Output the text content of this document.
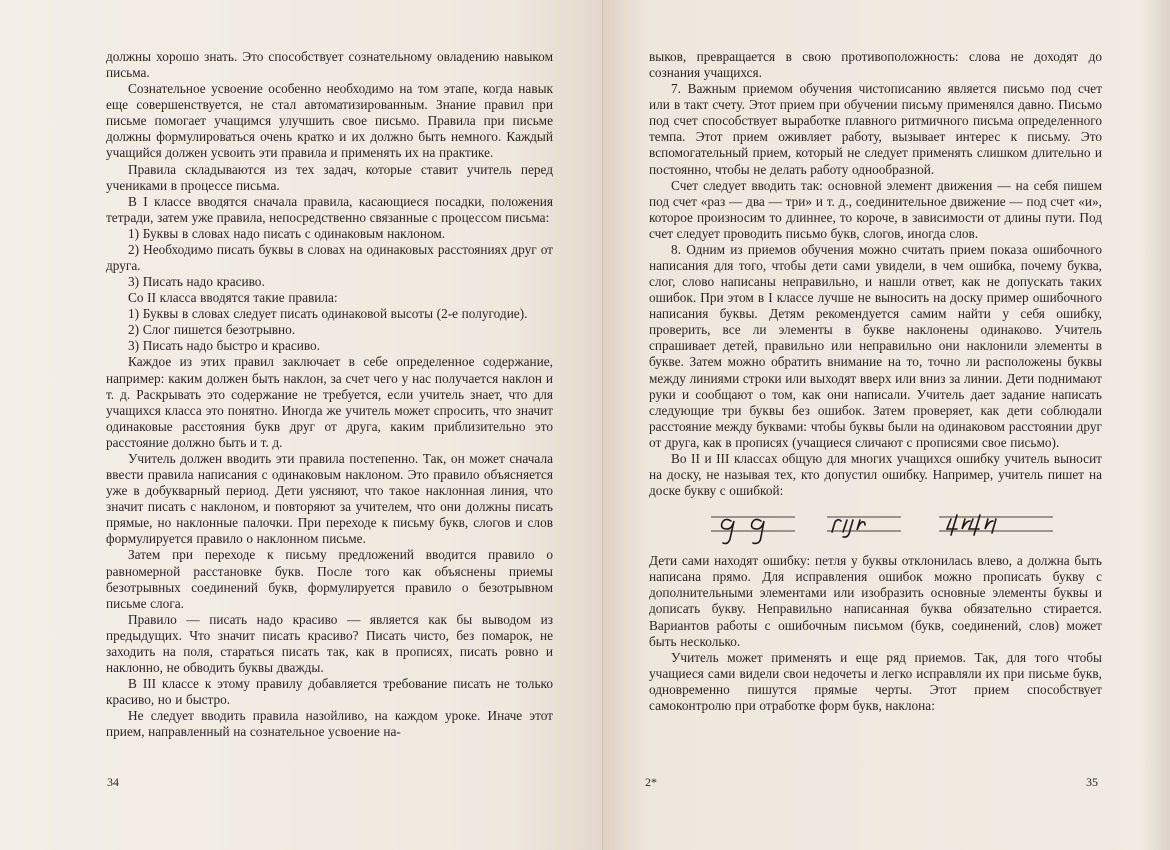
должны хорошо знать. Это способствует сознательному овладению навыком письма.

Сознательное усвоение особенно необходимо на том этапе, когда навык еще совершенствуется, не стал автоматизированным. Знание правил при письме помогает учащимся улучшить свое письмо. Правила при письме должны формулироваться очень кратко и их должно быть немного. Каждый учащийся должен усвоить эти правила и применять их на практике.

Правила складываются из тех задач, которые ставит учитель перед учениками в процессе письма.

В I классе вводятся сначала правила, касающиеся посадки, положения тетради, затем уже правила, непосредственно связанные с процессом письма:

1) Буквы в словах надо писать с одинаковым наклоном.

2) Необходимо писать буквы в словах на одинаковых расстояниях друг от друга.

3) Писать надо красиво.

Со II класса вводятся такие правила:

1) Буквы в словах следует писать одинаковой высоты (2-е полугодие).

2) Слог пишется безотрывно.

3) Писать надо быстро и красиво.

Каждое из этих правил заключает в себе определенное содержание, например: каким должен быть наклон, за счет чего у нас получается наклон и т. д. Раскрывать это содержание не требуется, если учитель знает, что для учащихся класса это понятно. Иногда же учитель может спросить, что значит одинаковые расстояния букв друг от друга, каким приблизительно это расстояние должно быть и т. д.

Учитель должен вводить эти правила постепенно. Так, он может сначала ввести правила написания с одинаковым наклоном. Это правило объясняется уже в добукварный период. Дети уясняют, что такое наклонная линия, что значит писать с наклоном, и повторяют за учителем, что они должны писать прямые, но наклонные палочки. При переходе к письму букв, слогов и слов формулируется правило о наклонном письме.

Затем при переходе к письму предложений вводится правило о равномерной расстановке букв. После того как объяснены приемы безотрывных соединений букв, формулируется правило о безотрывном письме слога.

Правило — писать надо красиво — является как бы выводом из предыдущих. Что значит писать красиво? Писать чисто, без помарок, не заходить на поля, стараться писать так, как в прописях, писать ровно и наклонно, не обводить буквы дважды.

В III классе к этому правилу добавляется требование писать не только красиво, но и быстро.

Не следует вводить правила назойливо, на каждом уроке. Иначе этот прием, направленный на сознательное усвоение на-

34

выков, превращается в свою противоположность: слова не доходят до сознания учащихся.

7. Важным приемом обучения чистописанию является письмо под счет или в такт счету. Этот прием при обучении письму применялся давно. Письмо под счет способствует выработке плавного ритмичного письма определенного темпа. Этот прием оживляет работу, вызывает интерес к письму. Это вспомогательный прием, который не следует применять слишком длительно и постоянно, чтобы не делать работу однообразной.

Счет следует вводить так: основной элемент движения — на себя пишем под счет «раз — два — три» и т. д., соединительное движение — под счет «и», которое произносим то длиннее, то короче, в зависимости от длины пути. Под счет следует проводить письмо букв, слогов, иногда слов.

8. Одним из приемов обучения можно считать прием показа ошибочного написания для того, чтобы дети сами увидели, в чем ошибка, почему буква, слог, слово написаны неправильно, и нашли ответ, как не допускать таких ошибок. При этом в I классе лучше не выносить на доску пример ошибочного написания буквы. Детям рекомендуется самим найти у себя ошибку, проверить, все ли элементы в букве наклонены одинаково. Учитель спрашивает детей, правильно или неправильно они наклонили элементы в букве. Затем можно обратить внимание на то, точно ли расположены буквы между линиями строки или выходят вверх или вниз за линии. Дети поднимают руки и сообщают о том, как они написали. Учитель дает задание написать следующие три буквы без ошибок. Затем проверяет, как дети соблюдали расстояние между буквами: чтобы буквы были на одинаковом расстоянии друг от друга, как в прописях (учащиеся сличают с прописями свое письмо).

Во II и III классах общую для многих учащихся ошибку учитель выносит на доску, не называя тех, кто допустил ошибку. Например, учитель пишет на доске букву с ошибкой:

Дети сами находят ошибку: петля у буквы отклонилась влево, а должна быть написана прямо. Для исправления ошибок можно прописать букву с дополнительными элементами или изобразить основные элементы буквы и дописать букву. Неправильно написанная буква обязательно стирается. Вариантов работы с ошибочным письмом (букв, соединений, слов) может быть несколько.

Учитель может применять и еще ряд приемов. Так, для того чтобы учащиеся сами видели свои недочеты и легко исправляли их при письме букв, одновременно пишутся прямые черты. Этот прием способствует самоконтролю при отработке форм букв, наклона:

2*	35
